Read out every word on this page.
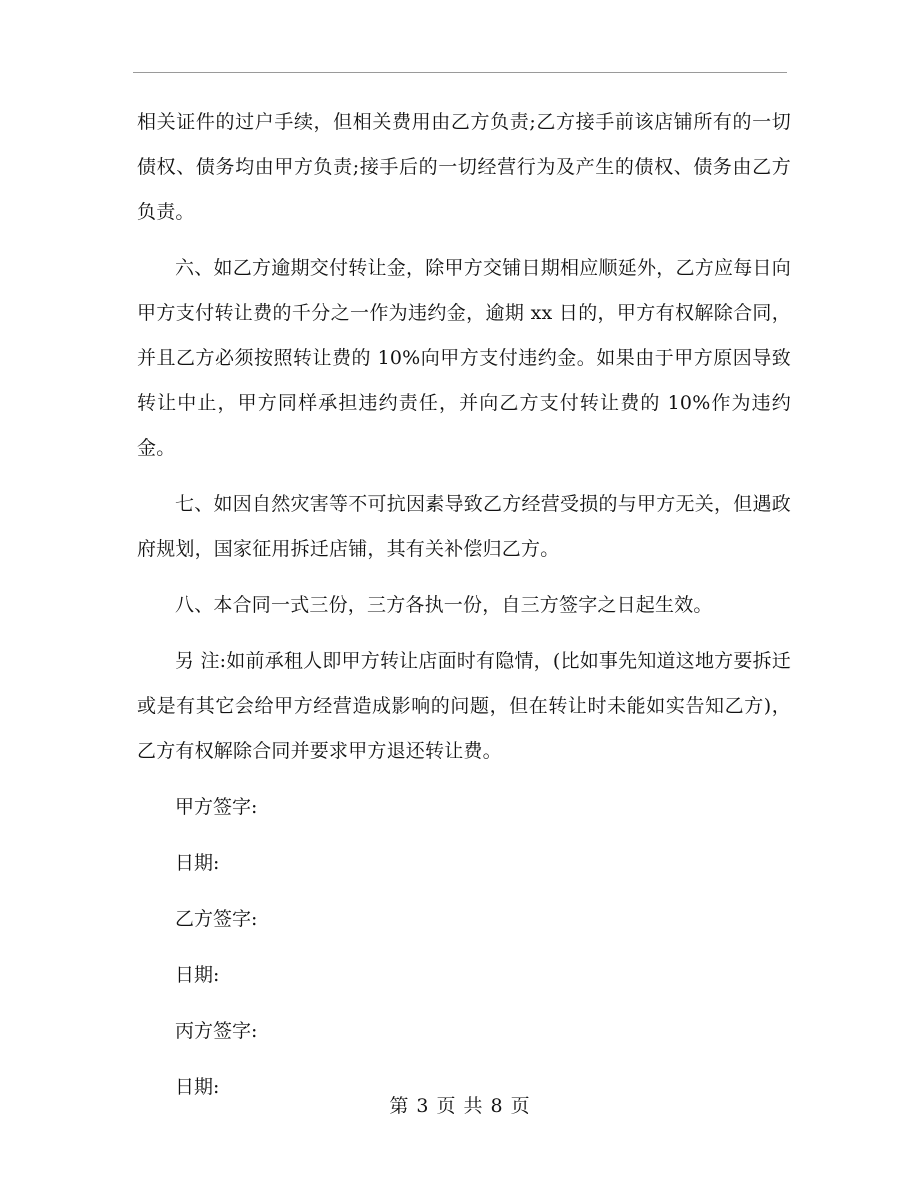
相关证件的过户手续，但相关费用由乙方负责;乙方接手前该店铺所有的一切债权、债务均由甲方负责;接手后的一切经营行为及产生的债权、债务由乙方负责。

六、如乙方逾期交付转让金，除甲方交铺日期相应顺延外，乙方应每日向甲方支付转让费的千分之一作为违约金，逾期 xx 日的，甲方有权解除合同，并且乙方必须按照转让费的 10%向甲方支付违约金。如果由于甲方原因导致转让中止，甲方同样承担违约责任，并向乙方支付转让费的 10%作为违约金。

七、如因自然灾害等不可抗因素导致乙方经营受损的与甲方无关，但遇政府规划，国家征用拆迁店铺，其有关补偿归乙方。

八、本合同一式三份，三方各执一份，自三方签字之日起生效。

另 注:如前承租人即甲方转让店面时有隐情，(比如事先知道这地方要拆迁或是有其它会给甲方经营造成影响的问题，但在转让时未能如实告知乙方)，乙方有权解除合同并要求甲方退还转让费。

甲方签字:
日期:
乙方签字:
日期:
丙方签字:
日期:
第 3 页 共 8 页
